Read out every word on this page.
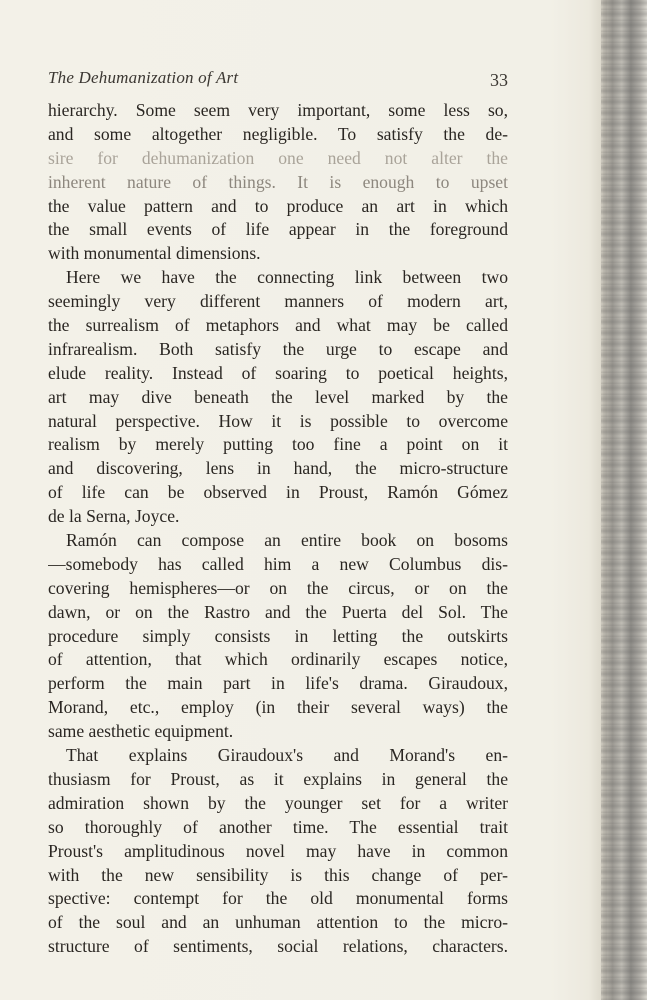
The Dehumanization of Art	33
hierarchy. Some seem very important, some less so,
and some altogether negligible. To satisfy the de-
sire for dehumanization one need not alter the
inherent nature of things. It is enough to upset
the value pattern and to produce an art in which
the small events of life appear in the foreground
with monumental dimensions.
Here we have the connecting link between two
seemingly very different manners of modern art,
the surrealism of metaphors and what may be called
infrarealism. Both satisfy the urge to escape and
elude reality. Instead of soaring to poetical heights,
art may dive beneath the level marked by the
natural perspective. How it is possible to overcome
realism by merely putting too fine a point on it
and discovering, lens in hand, the micro-structure
of life can be observed in Proust, Ramón Gómez
de la Serna, Joyce.
Ramón can compose an entire book on bosoms
—somebody has called him a new Columbus dis-
covering hemispheres—or on the circus, or on the
dawn, or on the Rastro and the Puerta del Sol. The
procedure simply consists in letting the outskirts
of attention, that which ordinarily escapes notice,
perform the main part in life's drama. Giraudoux,
Morand, etc., employ (in their several ways) the
same aesthetic equipment.
That explains Giraudoux's and Morand's en-
thusiasm for Proust, as it explains in general the
admiration shown by the younger set for a writer
so thoroughly of another time. The essential trait
Proust's amplitudinous novel may have in common
with the new sensibility is this change of per-
spective: contempt for the old monumental forms
of the soul and an unhuman attention to the micro-
structure of sentiments, social relations, characters.
